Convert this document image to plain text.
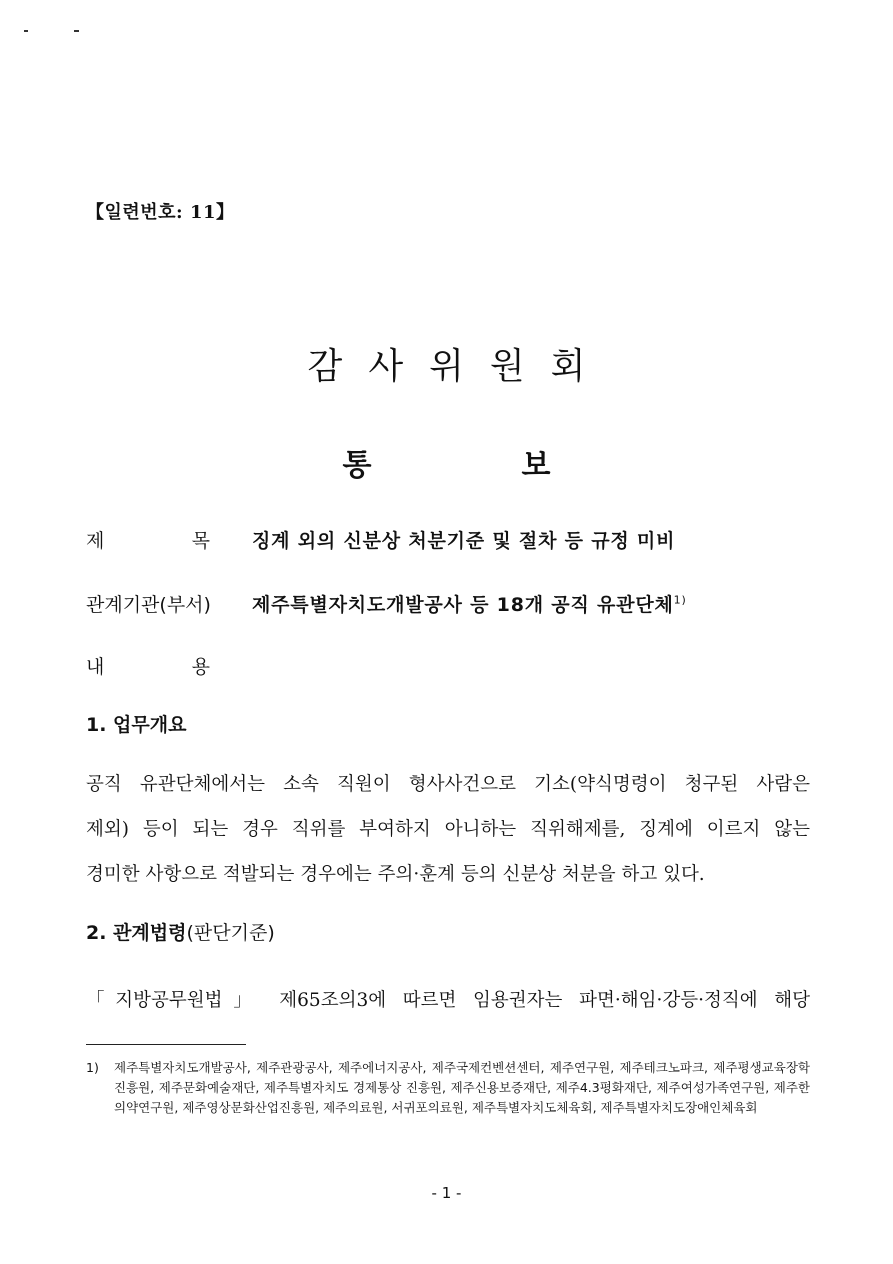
【일련번호: 11】
감사위원회
통보
제	목 징계 외의 신분상 처분기준 및 절차 등 규정 미비
관계기관(부서) 제주특별자치도개발공사 등 18개 공직 유관단체$^{1)}$
내	용
1. 업무개요
공직 유관단체에서는 소속 직원이 형사사건으로 기소(약식명령이 청구된 사람은
제외) 등이 되는 경우 직위를 부여하지 아니하는 직위해제를, 징계에 이르지 않는
경미한 사항으로 적발되는 경우에는 주의·훈계 등의 신분상 처분을 하고 있다.
2. 관계법령(판단기준)
「지방공무원법」 제65조의3에 따르면 임용권자는 파면·해임·강등·정직에 해당
1) 제주특별자치도개발공사, 제주관광공사, 제주에너지공사, 제주국제컨벤션센터, 제주연구원, 제주테크노파크, 제주평생교육장학진흥원, 제주문화예술재단, 제주특별자치도 경제통상 진흥원, 제주신용보증재단, 제주4.3평화재단, 제주여성가족연구원, 제주한의약연구원, 제주영상문화산업진흥원, 제주의료원, 서귀포의료원, 제주특별자치도체육회, 제주특별자치도장애인체육회
- 1 -
